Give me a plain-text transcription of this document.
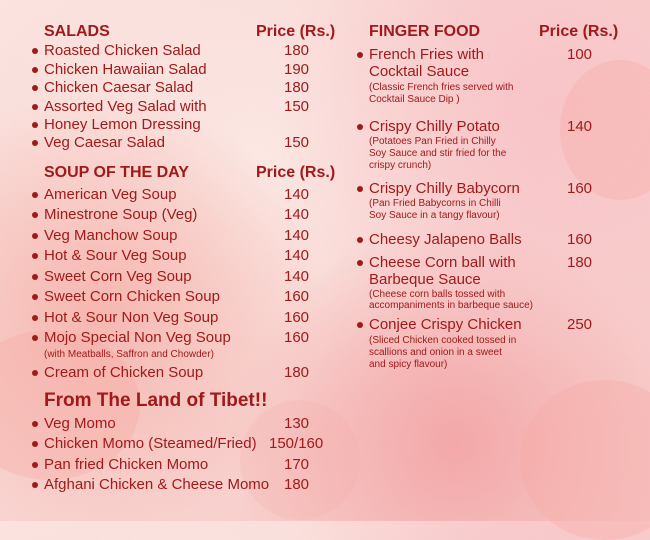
SALADS	Price (Rs.)
Roasted Chicken Salad	180
Chicken Hawaiian Salad	190
Chicken Caesar Salad	180
Assorted Veg Salad with	150
Honey Lemon Dressing
Veg Caesar Salad	150
SOUP OF THE DAY	Price (Rs.)
American Veg Soup	140
Minestrone Soup (Veg)	140
Veg Manchow Soup	140
Hot & Sour Veg Soup	140
Sweet Corn Veg Soup	140
Sweet Corn Chicken Soup	160
Hot & Sour Non Veg Soup	160
Mojo Special Non Veg Soup	160
(with Meatballs, Saffron and Chowder)
Cream of Chicken Soup	180
From The Land of Tibet!!
Veg Momo	130
Chicken Momo (Steamed/Fried) 150/160
Pan fried Chicken Momo	170
Afghani Chicken & Cheese Momo 180
FINGER FOOD	Price (Rs.)
French Fries with	100
Cocktail Sauce
(Classic French fries served with
Cocktail Sauce Dip )
Crispy Chilly Potato	140
(Potatoes Pan Fried in Chilly
Soy Sauce and stir fried for the
crispy crunch)
Crispy Chilly Babycorn	160
(Pan Fried Babycorns in Chilli
Soy Sauce in a tangy flavour)
Cheesy Jalapeno Balls	160
Cheese Corn ball with	180
Barbeque Sauce
(Cheese corn balls tossed with
accompaniments in barbeque sauce)
Conjee Crispy Chicken	250
(Sliced Chicken cooked tossed in
scallions and onion in a sweet
and spicy flavour)
